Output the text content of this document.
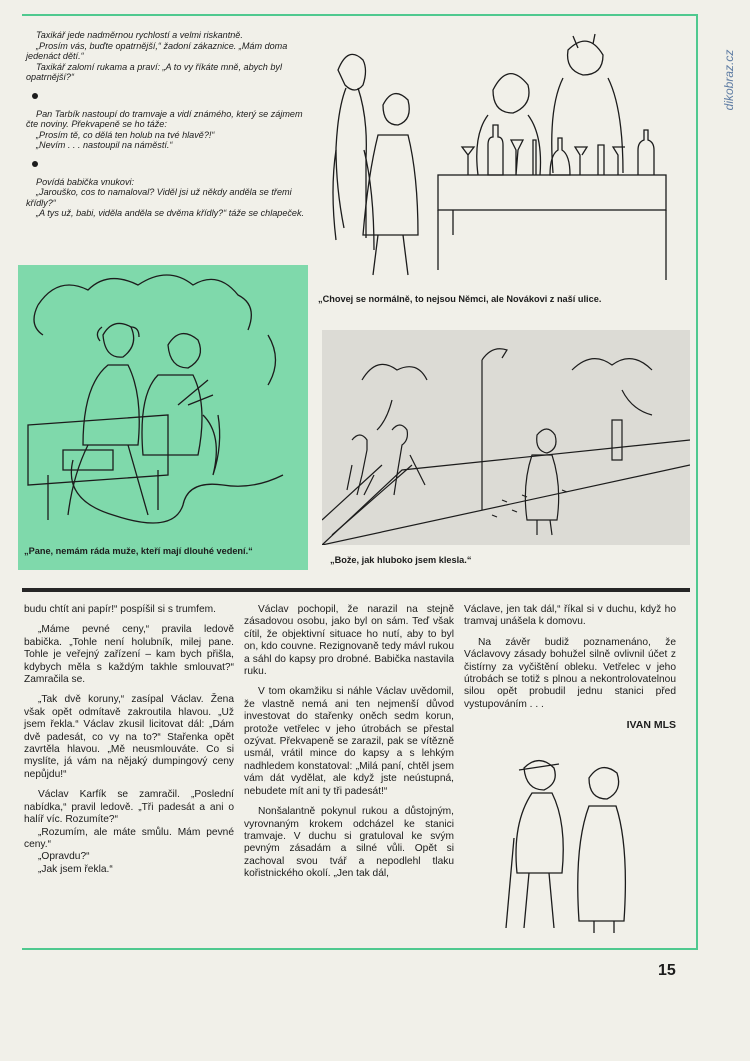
dikobraz.cz

Taxikář jede nadměrnou rychlostí a velmi riskantně.

„Prosím vás, buďte opatrnější,“ žadoní zákaznice. „Mám doma jedenáct dětí.“

Taxikář zalomí rukama a praví: „A to vy říkáte mně, abych byl opatrnější?“

Pan Tarbík nastoupí do tramvaje a vidí známého, který se zájmem čte noviny. Překvapeně se ho táže:

„Prosím tě, co dělá ten holub na tvé hlavě?!“

„Nevím . . . nastoupil na náměstí.“

Povídá babička vnukovi:

„Jarouško, cos to namaloval? Viděl jsi už někdy anděla se třemi křídly?“

„A tys už, babi, viděla anděla se dvěma křídly?“ táže se chlapeček.

„Chovej se normálně, to nejsou Němci, ale Novákovi z naší ulice.
„Pane, nemám ráda muže, kteří mají dlouhé vedení.“
„Bože, jak hluboko jsem klesla.“

budu chtít ani papír!“ pospíšil si s trumfem.

„Máme pevné ceny,“ pravila ledově babička. „Tohle není holubník, milej pane. Tohle je veřejný zařízení – kam bych přišla, kdybych měla s každým takhle smlouvat?“ Zamračila se.

„Tak dvě koruny,“ zasípal Václav. Žena však opět odmítavě zakroutila hlavou. „Už jsem řekla.“ Václav zkusil licitovat dál: „Dám dvě padesát, co vy na to?“ Stařenka opět zavrtěla hlavou. „Mě neusmlouváte. Co si myslíte, já vám na nějaký dumpingový ceny nepůjdu!“

Václav Karfík se zamračil. „Poslední nabídka,“ pravil ledově. „Tři padesát a ani o halíř víc. Rozumíte?“

„Rozumím, ale máte smůlu. Mám pevné ceny.“

„Opravdu?“

„Jak jsem řekla.“

Václav pochopil, že narazil na stejně zásadovou osobu, jako byl on sám. Teď však cítil, že objektivní situace ho nutí, aby to byl on, kdo couvne. Rezignovaně tedy mávl rukou a sáhl do kapsy pro drobné. Babička nastavila ruku.

V tom okamžiku si náhle Václav uvědomil, že vlastně nemá ani ten nejmenší důvod investovat do stařenky oněch sedm korun, protože vetřelec v jeho útrobách se přestal ozývat. Překvapeně se zarazil, pak se vítězně usmál, vrátil mince do kapsy a s lehkým nadhledem konstatoval: „Milá paní, chtěl jsem vám dát vydělat, ale když jste neústupná, nebudete mít ani ty tři padesát!“

Nonšalantně pokynul rukou a důstojným, vyrovnaným krokem odcházel ke stanici tramvaje. V duchu si gratuloval ke svým pevným zásadám a silné vůli. Opět si zachoval svou tvář a nepodlehl tlaku kořistnického okolí. „Jen tak dál,

Václave, jen tak dál,“ říkal si v duchu, když ho tramvaj unášela k domovu.

Na závěr budiž poznamenáno, že Václavovy zásady bohužel silně ovlivnil účet z čistírny za vyčištění obleku. Vetřelec v jeho útrobách se totiž s plnou a nekontrolovatelnou silou opět probudil jednu stanici před vystupováním . . .

IVAN MLS
15
